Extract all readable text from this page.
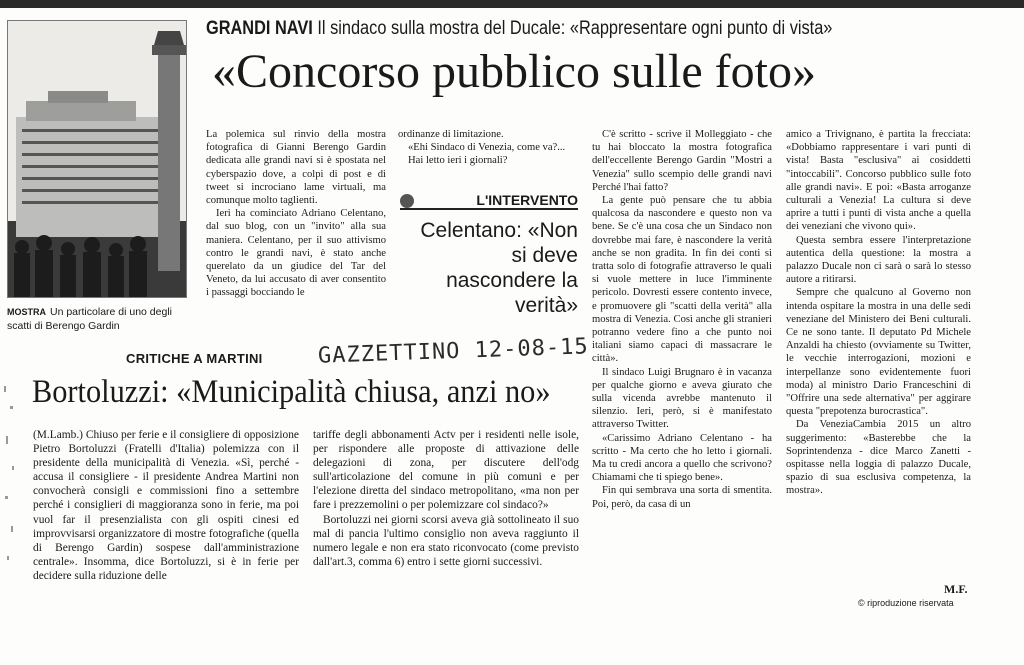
MOSTRA Un particolare di uno degli scatti di Berengo Gardin
GRANDI NAVI Il sindaco sulla mostra del Ducale: «Rappresentare ogni punto di vista»
«Concorso pubblico sulle foto»

La polemica sul rinvio della mostra fotografica di Gianni Berengo Gardin dedicata alle grandi navi si è spostata nel cyberspazio dove, a colpi di post e di tweet si incrociano lame virtuali, ma comunque molto taglienti.

Ieri ha cominciato Adriano Celentano, dal suo blog, con un "invito" alla sua maniera. Celentano, per il suo attivismo contro le grandi navi, è stato anche querelato da un giudice del Tar del Veneto, da lui accusato di aver consentito i passaggi bocciando le

ordinanze di limitazione.

«Ehi Sindaco di Venezia, come va?...

Hai letto ieri i giornali?

L'INTERVENTO
Celentano: «Non si deve nascondere la verità»

C'è scritto - scrive il Molleggiato - che tu hai bloccato la mostra fotografica dell'eccellente Berengo Gardin "Mostri a Venezia" sullo scempio delle grandi navi Perché l'hai fatto?

La gente può pensare che tu abbia qualcosa da nascondere e questo non va bene. Se c'è una cosa che un Sindaco non dovrebbe mai fare, è nascondere la verità anche se non gradita. In fin dei conti si tratta solo di fotografie attraverso le quali si vuole mettere in luce l'imminente pericolo. Dovresti essere contento invece, e promuovere gli "scatti della verità" alla mostra di Venezia. Così anche gli stranieri potranno vedere fino a che punto noi italiani siamo capaci di massacrare le città».

Il sindaco Luigi Brugnaro è in vacanza per qualche giorno e aveva giurato che sulla vicenda avrebbe mantenuto il silenzio. Ieri, però, si è manifestato attraverso Twitter.

«Carissimo Adriano Celentano - ha scritto - Ma certo che ho letto i giornali. Ma tu credi ancora a quello che scrivono? Chiamami che ti spiego bene».

Fin qui sembrava una sorta di smentita. Poi, però, da casa di un

amico a Trivignano, è partita la frecciata: «Dobbiamo rappresentare i vari punti di vista! Basta "esclusiva" ai cosiddetti "intoccabili". Concorso pubblico sulle foto alle grandi navi». E poi: «Basta arroganze culturali a Venezia! La cultura si deve aprire a tutti i punti di vista anche a quella dei veneziani che vivono qui».

Questa sembra essere l'interpretazione autentica della questione: la mostra a palazzo Ducale non ci sarà o sarà lo stesso autore a ritirarsi.

Sempre che qualcuno al Governo non intenda ospitare la mostra in una delle sedi veneziane del Ministero dei Beni culturali. Ce ne sono tante. Il deputato Pd Michele Anzaldi ha chiesto (ovviamente su Twitter, le vecchie interrogazioni, mozioni e interpellanze sono evidentemente fuori moda) al ministro Dario Franceschini di "Offrire una sede alternativa" per aggirare questa "prepotenza burocrastica".

Da VeneziaCambia 2015 un altro suggerimento: «Basterebbe che la Soprintendenza - dice Marco Zanetti - ospitasse nella loggia di palazzo Ducale, spazio di sua esclusiva competenza, la mostra».

M.F.
© riproduzione riservata
GAZZETTINO 12-08-15
CRITICHE A MARTINI
Bortoluzzi: «Municipalità chiusa, anzi no»

(M.Lamb.) Chiuso per ferie e il consigliere di opposizione Pietro Bortoluzzi (Fratelli d'Italia) polemizza con il presidente della municipalità di Venezia. «Sì, perché - accusa il consigliere - il presidente Andrea Martini non convocherà consigli e commissioni fino a settembre perché i consiglieri di maggioranza sono in ferie, ma poi vuol far il presenzialista con gli ospiti cinesi ed improvvisarsi organizzatore di mostre fotografiche (quella di Berengo Gardin) sospese dall'amministrazione centrale». Insomma, dice Bortoluzzi, si è in ferie per decidere sulla riduzione delle

tariffe degli abbonamenti Actv per i residenti nelle isole, per rispondere alle proposte di attivazione delle delegazioni di zona, per discutere dell'odg sull'articolazione del comune in più comuni e per l'elezione diretta del sindaco metropolitano, «ma non per fare i prezzemolini o per polemizzare col sindaco?»

Bortoluzzi nei giorni scorsi aveva già sottolineato il suo mal di pancia l'ultimo consiglio non aveva raggiunto il numero legale e non era stato riconvocato (come previsto dall'art.3, comma 6) entro i sette giorni successivi.
